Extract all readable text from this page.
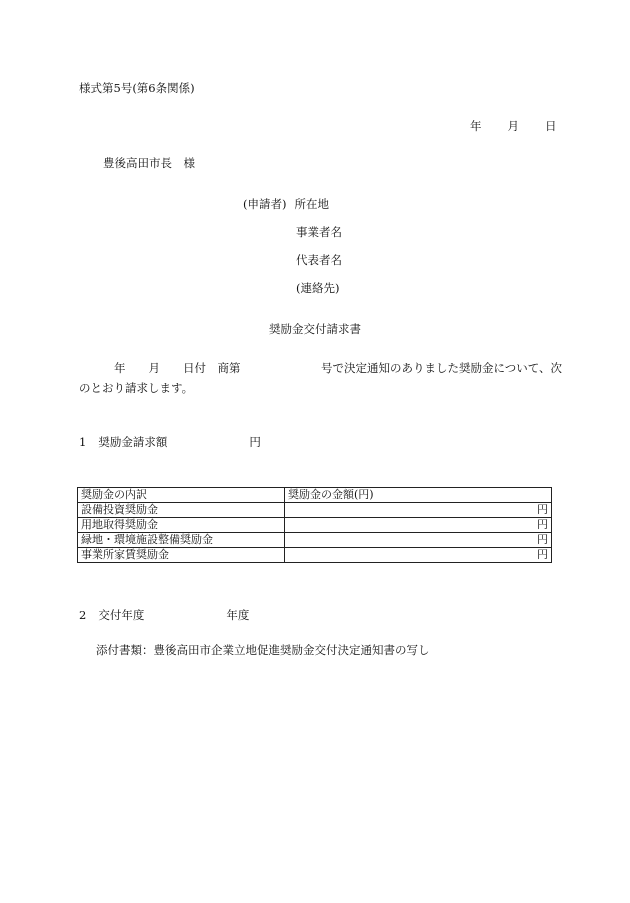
様式第5号(第6条関係)
年 月 日
豊後高田市長　様
(申請者) 所在地
事業者名
代表者名
(連絡先)
奨励金交付請求書
年　　月　　日付　商第　　　　　　　号で決定通知のありました奨励金について、次
のとおり請求します。
1 奨励金請求額	円
奨励金の内訳	奨励金の金額(円)
設備投資奨励金	円
用地取得奨励金	円
緑地・環境施設整備奨励金	円
事業所家賃奨励金	円
2 交付年度	年度
添付書類：豊後高田市企業立地促進奨励金交付決定通知書の写し
